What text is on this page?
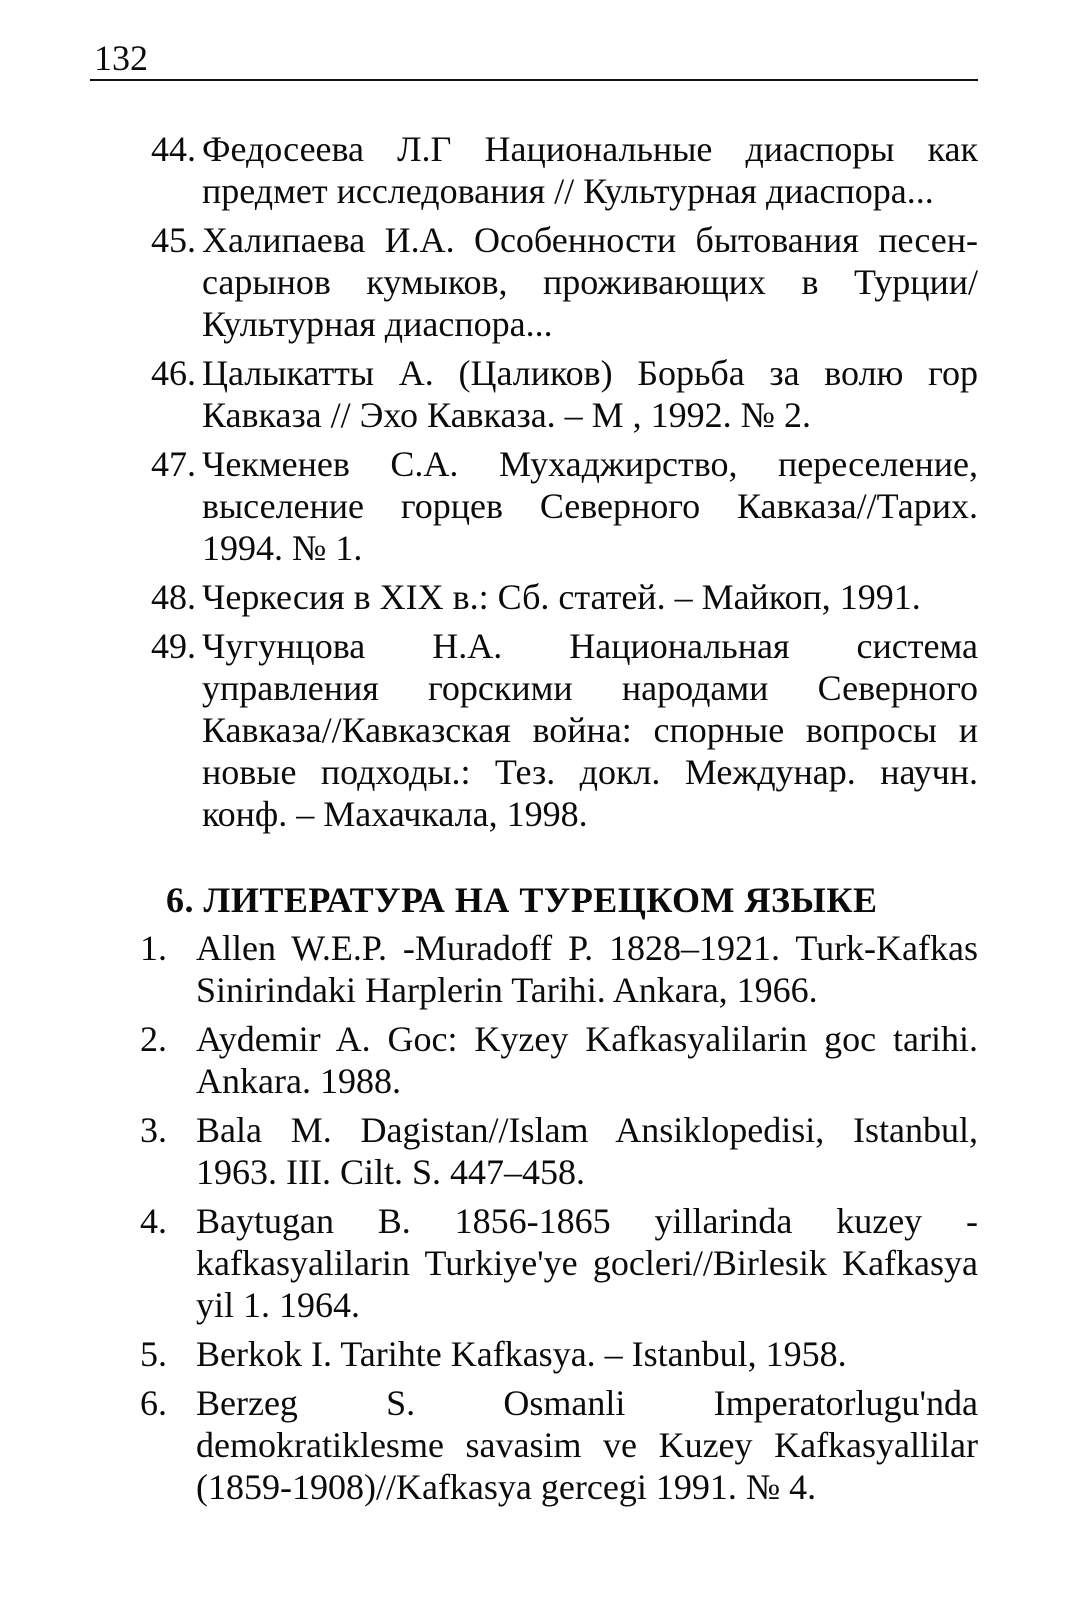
132
44. Федосеева Л.Г Национальные диаспоры как предмет исследования // Культурная диаспора...
45. Халипаева И.А. Особенности бытования песен-сарынов кумыков, проживающих в Турции/Культурная диаспора...
46. Цалыкатты А. (Цаликов) Борьба за волю гор Кавказа // Эхо Кавказа. – М , 1992. № 2.
47. Чекменев С.А. Мухаджирство, переселение, выселение горцев Северного Кавказа//Тарих. 1994. № 1.
48. Черкесия в XIX в.: Сб. статей. – Майкоп, 1991.
49. Чугунцова Н.А. Национальная система управления горскими народами Северного Кавказа//Кавказская война: спорные вопросы и новые подходы.: Тез. докл. Междунар. научн. конф. – Махачкала, 1998.
6. ЛИТЕРАТУРА НА ТУРЕЦКОМ ЯЗЫКЕ
1. Allen W.E.P. -Muradoff P. 1828–1921. Turk-Kafkas Sinirindaki Harplerin Tarihi. Ankara, 1966.
2. Aydemir A. Goc: Kyzey Kafkasyalilarin goc tarihi. Ankara. 1988.
3. Bala M. Dagistan//Islam Ansiklopedisi, Istanbul, 1963. III. Cilt. S. 447–458.
4. Baytugan B. 1856-1865 yillarinda kuzey - kafkasyalilarin Turkiye'ye gocleri//Birlesik Kafkasya yil 1. 1964.
5. Berkok I. Tarihte Kafkasya. – Istanbul, 1958.
6. Berzeg S. Osmanli Imperatorlugu'nda demokratiklesme savasim ve Kuzey Kafkasyallilar (1859-1908)//Kafkasya gercegi 1991. № 4.
